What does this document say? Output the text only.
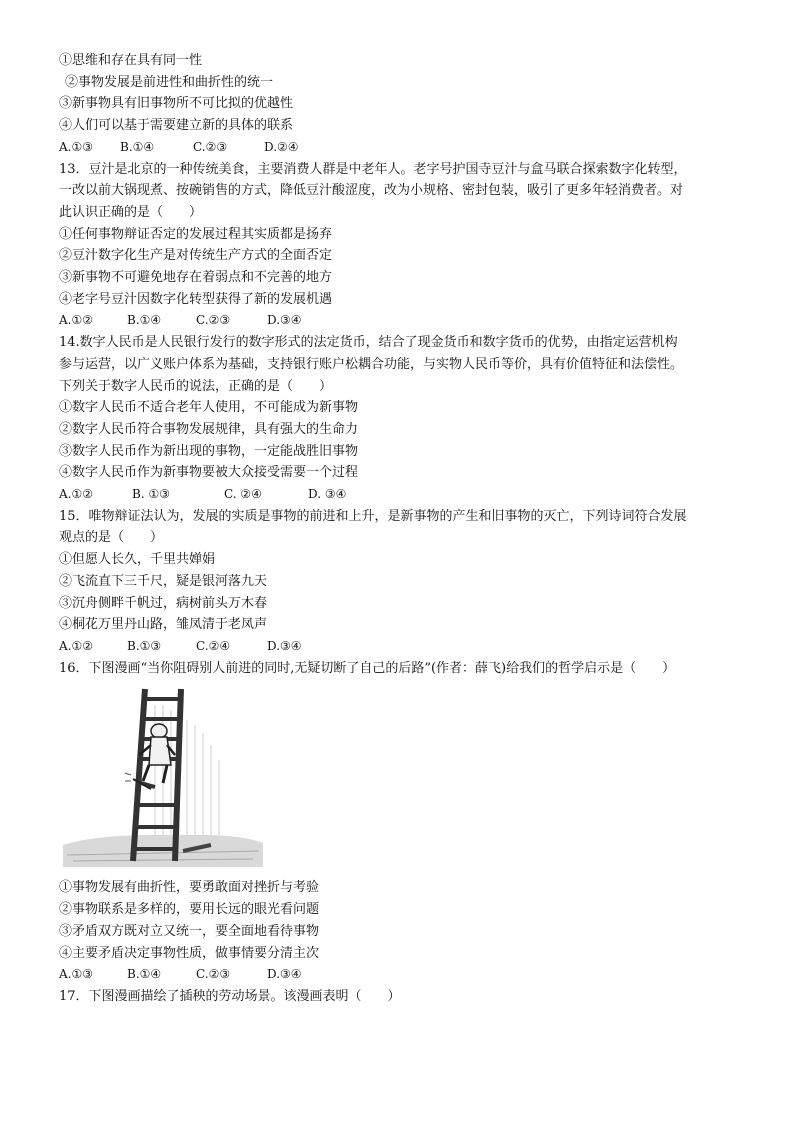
①思维和存在具有同一性
②事物发展是前进性和曲折性的统一
③新事物具有旧事物所不可比拟的优越性
④人们可以基于需要建立新的具体的联系
A.①③	B.①④	C.②③	D.②④
13．豆汁是北京的一种传统美食，主要消费人群是中老年人。老字号护国寺豆汁与盒马联合探索数字化转型，
一改以前大锅现煮、按碗销售的方式，降低豆汁酸涩度，改为小规格、密封包装，吸引了更多年轻消费者。对
此认识正确的是（　　）
①任何事物辩证否定的发展过程其实质都是扬弃
②豆汁数字化生产是对传统生产方式的全面否定
③新事物不可避免地存在着弱点和不完善的地方
④老字号豆汁因数字化转型获得了新的发展机遇
A.①②	B.①④	C.②③	D.③④
14.数字人民币是人民银行发行的数字形式的法定货币，结合了现金货币和数字货币的优势，由指定运营机构
参与运营，以广义账户体系为基础，支持银行账户松耦合功能，与实物人民币等价，具有价值特征和法偿性。
下列关于数字人民币的说法，正确的是（　　）
①数字人民币不适合老年人使用，不可能成为新事物
②数字人民币符合事物发展规律，具有强大的生命力
③数字人民币作为新出现的事物，一定能战胜旧事物
④数字人民币作为新事物要被大众接受需要一个过程
A.①②	B. ①③	C. ②④	D. ③④
15．唯物辩证法认为，发展的实质是事物的前进和上升，是新事物的产生和旧事物的灭亡，下列诗词符合发展
观点的是（　　）
①但愿人长久，千里共婵娟
②飞流直下三千尺，疑是银河落九天
③沉舟侧畔千帆过，病树前头万木春
④桐花万里丹山路，雏凤清于老凤声
A.①②	B.①③	C.②④	D.③④
16．下图漫画“当你阻碍别人前进的同时,无疑切断了自己的后路”(作者：薛飞)给我们的哲学启示是（　　）
①事物发展有曲折性，要勇敢面对挫折与考验
②事物联系是多样的，要用长远的眼光看问题
③矛盾双方既对立又统一，要全面地看待事物
④主要矛盾决定事物性质，做事情要分清主次
A.①③	B.①④	C.②③	D.③④
17．下图漫画描绘了插秧的劳动场景。该漫画表明（　　）
